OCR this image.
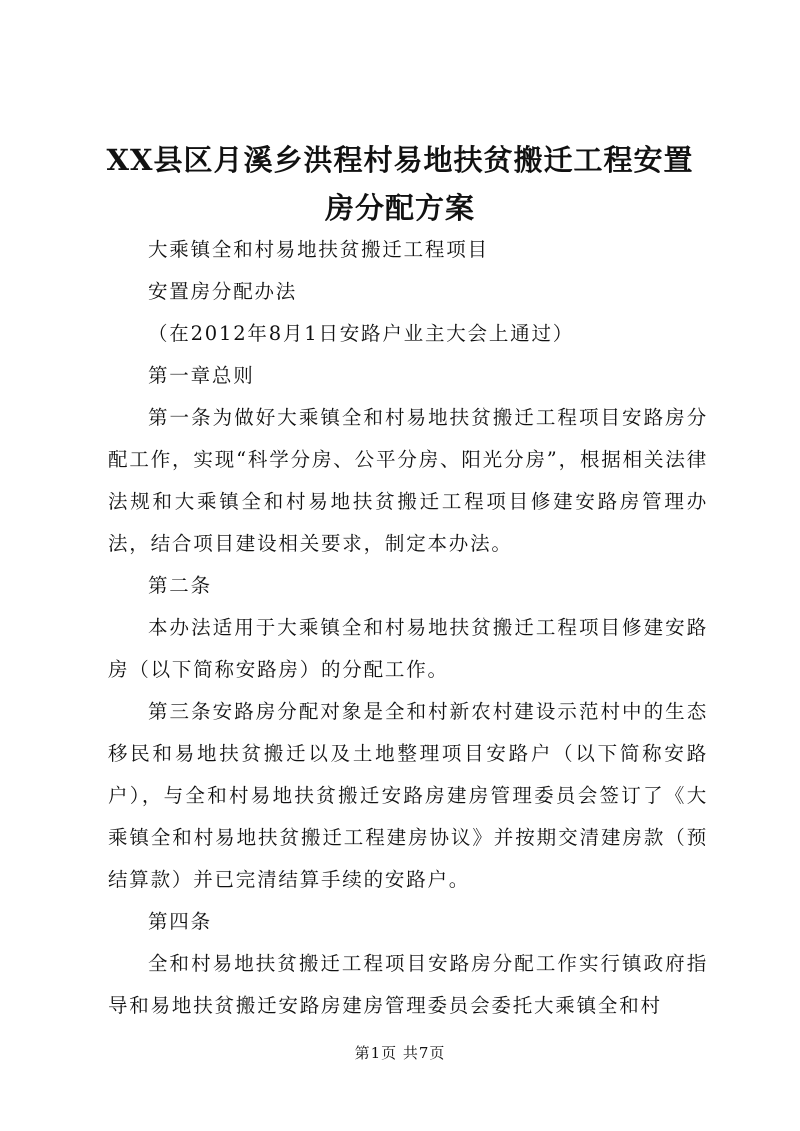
XX县区月溪乡洪程村易地扶贫搬迁工程安置
房分配方案

大乘镇全和村易地扶贫搬迁工程项目

安置房分配办法

（在2012年8月1日安路户业主大会上通过）

第一章总则

第一条为做好大乘镇全和村易地扶贫搬迁工程项目安路房分配工作，实现“科学分房、公平分房、阳光分房”，根据相关法律法规和大乘镇全和村易地扶贫搬迁工程项目修建安路房管理办法，结合项目建设相关要求，制定本办法。

第二条

本办法适用于大乘镇全和村易地扶贫搬迁工程项目修建安路房（以下简称安路房）的分配工作。

第三条安路房分配对象是全和村新农村建设示范村中的生态移民和易地扶贫搬迁以及土地整理项目安路户（以下简称安路户），与全和村易地扶贫搬迁安路房建房管理委员会签订了《大乘镇全和村易地扶贫搬迁工程建房协议》并按期交清建房款（预结算款）并已完清结算手续的安路户。

第四条

全和村易地扶贫搬迁工程项目安路房分配工作实行镇政府指导和易地扶贫搬迁安路房建房管理委员会委托大乘镇全和村

第1页 共7页
